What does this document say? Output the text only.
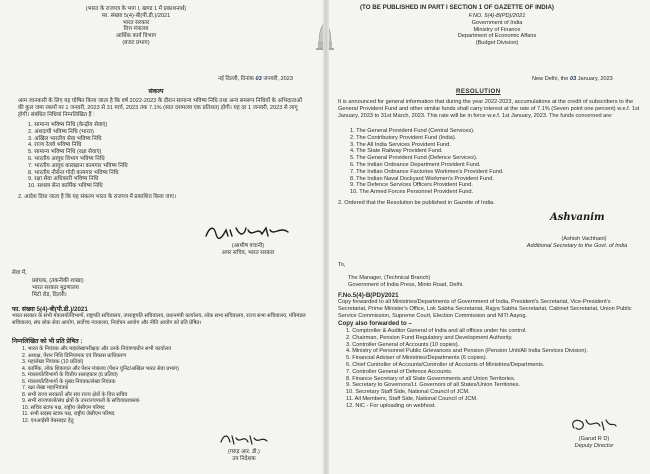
(भारत के राजपत्र के भाग I, खण्ड 1 में प्रकाशनार्थ)
फा. संख्या 5(4)-बी(पी.डी.)/2021
भारत सरकार
वित्त मंत्रालय
आर्थिक कार्य विभाग
(बजट प्रभाग)
नई दिल्ली, दिनांक 03 जनवरी, 2023
संकल्प
आम जानकारी के लिए यह घोषित किया जाता है कि वर्ष 2022-2023 के दौरान सामान्य भविष्य निधि तथा अन्य समरूप निधियों के अभिदाताओं की कुल जमा रकमों पर 1 जनवरी, 2023 से 31 मार्च, 2023 तक 7.1% (सात दशमलव एक प्रतिशत) होगी। यह दर 1 जनवरी, 2023 से लागू होगी। संबंधित निधियां निम्नलिखित हैं :
1. सामान्य भविष्य निधि (केन्द्रीय सेवाएं)
2. अंशदायी भविष्य निधि (भारत)
3. अखिल भारतीय सेवा भविष्य निधि
4. राज्य रेलवे भविष्य निधि
5. सामान्य भविष्य निधि (रक्षा सेवाएं)
6. भारतीय आयुध विभाग भविष्य निधि
7. भारतीय आयुध कारखाना कामगार भविष्य निधि
8. भारतीय नौसेना गोदी कामगार भविष्य निधि
9. रक्षा सेवा अधिकारी भविष्य निधि
10. सशस्त्र सेना कार्मिक भविष्य निधि
2. आदेश दिया जाता है कि यह संकल्प भारत के राजपत्र में प्रकाशित किया जाए।
(आशीष वचानी)
अपर सचिव, भारत सरकार
सेवा में,
प्रबंधक, (तकनीकी शाखा)
भारत सरकार मुद्रणालय
मिंटो रोड, दिल्ली।
फा. संख्या 5(4)-बी(पी.डी.)/2021
भारत सरकार के सभी मंत्रालयों/विभागों, राष्ट्रपति सचिवालय, उपराष्ट्रपति सचिवालय, प्रधानमंत्री कार्यालय, लोक सभा सचिवालय, राज्य सभा सचिवालय, मंत्रिमंडल सचिवालय, संघ लोक सेवा आयोग, सर्वोच्च न्यायालय, निर्वाचन आयोग और नीति आयोग को प्रति प्रेषित।
निम्नलिखित को भी प्रति प्रेषित :
1. भारत के नियंत्रक और महालेखापरीक्षक और उनके नियंत्रणाधीन सभी कार्यालय
2. अध्यक्ष, पेंशन निधि विनियामक एवं विकास प्राधिकरण
3. महालेखा नियंत्रक (10 प्रतियां)
4. कार्मिक, लोक शिकायत और पेंशन मंत्रालय (पेंशन यूनिट/अखिल भारत सेवा प्रभाग)
5. मंत्रालयों/विभागों के वित्तीय सलाहकार (6 प्रतियां)
6. मंत्रालयों/विभागों के मुख्य नियंत्रक/लेखा नियंत्रक
7. रक्षा लेखा महानियंत्रक
8. सभी राज्य सरकारों और संघ राज्य क्षेत्रों के वित्त सचिव
9. सभी राज्यपालों/संघ क्षेत्रों के उपराज्यपालों के सचिव/प्रशासक
10. सचिव स्टाफ पक्ष, राष्ट्रीय जेसीएम परिषद
11. सभी सदस्य स्टाफ पक्ष, राष्ट्रीय जेसीएम परिषद
12. एनआईसी वेबसाइट हेतु
(गरुड़ आर. डी.)
उप निदेशक
(TO BE PUBLISHED IN PART I SECTION 1 OF GAZETTE OF INDIA)
F.NO. 5(4)-B(PD)/2021
Government of India
Ministry of Finance
Department of Economic Affairs
(Budget Division)
New Delhi, the 03 January, 2023
RESOLUTION
It is announced for general information that during the year 2022-2023, accumulations at the credit of subscribers to the General Provident Fund and other similar funds shall carry interest at the rate of 7.1% (Seven point one percent) w.e.f. 1st January, 2023 to 31st March, 2023. This rate will be in force w.e.f. 1st January, 2023. The funds concerned are:
1. The General Provident Fund (Central Services).
2. The Contributory Provident Fund (India).
3. The All India Services Provident Fund.
4. The State Railway Provident Fund.
5. The General Provident Fund (Defence Services).
6. The Indian Ordnance Department Provident Fund.
7. The Indian Ordnance Factories Workmen's Provident Fund.
8. The Indian Naval Dockyard Workmen's Provident Fund.
9. The Defence Services Officers Provident Fund.
10. The Armed Forces Personnel Provident Fund.
2. Ordered that the Resolution be published in Gazette of India.
Ashvanim
(Ashish Vachhani)
Additional Secretary to the Govt. of India
To,
The Manager, (Technical Branch)
Government of India Press, Minto Road, Delhi.
F.No.5(4)-B(PD)/2021
Copy forwarded to all Ministries/Departments of Government of India, President's Secretariat, Vice-President's Secretariat, Prime Minister's Office, Lok Sabha Secretariat, Rajya Sabha Secretariat, Cabinet Secretariat, Union Public Service Commission, Supreme Court, Election Commission and NITI Aayog.
Copy also forwarded to –
1. Comptroller & Auditor General of India and all offices under his control.
2. Chairman, Pension Fund Regulatory and Development Authority.
3. Controller General of Accounts (10 copies).
4. Ministry of Personnel Public Grievances and Pension (Pension Unit/All India Services Division).
5. Financial Adviser of Ministries/Departments (6 copies).
6. Chief Controller of Accounts/Controller of Accounts of Ministries/Departments.
7. Controller General of Defence Accounts.
8. Finance Secretary of all State Governments and Union Territories.
9. Secretary to Governors/Lt. Governors of all States/Union Territories.
10. Secretary Staff Side, National Council of JCM.
11. All Members, Staff Side, National Council of JCM.
12. NIC - For uploading on webhost.
(Garud R D)
Deputy Director
